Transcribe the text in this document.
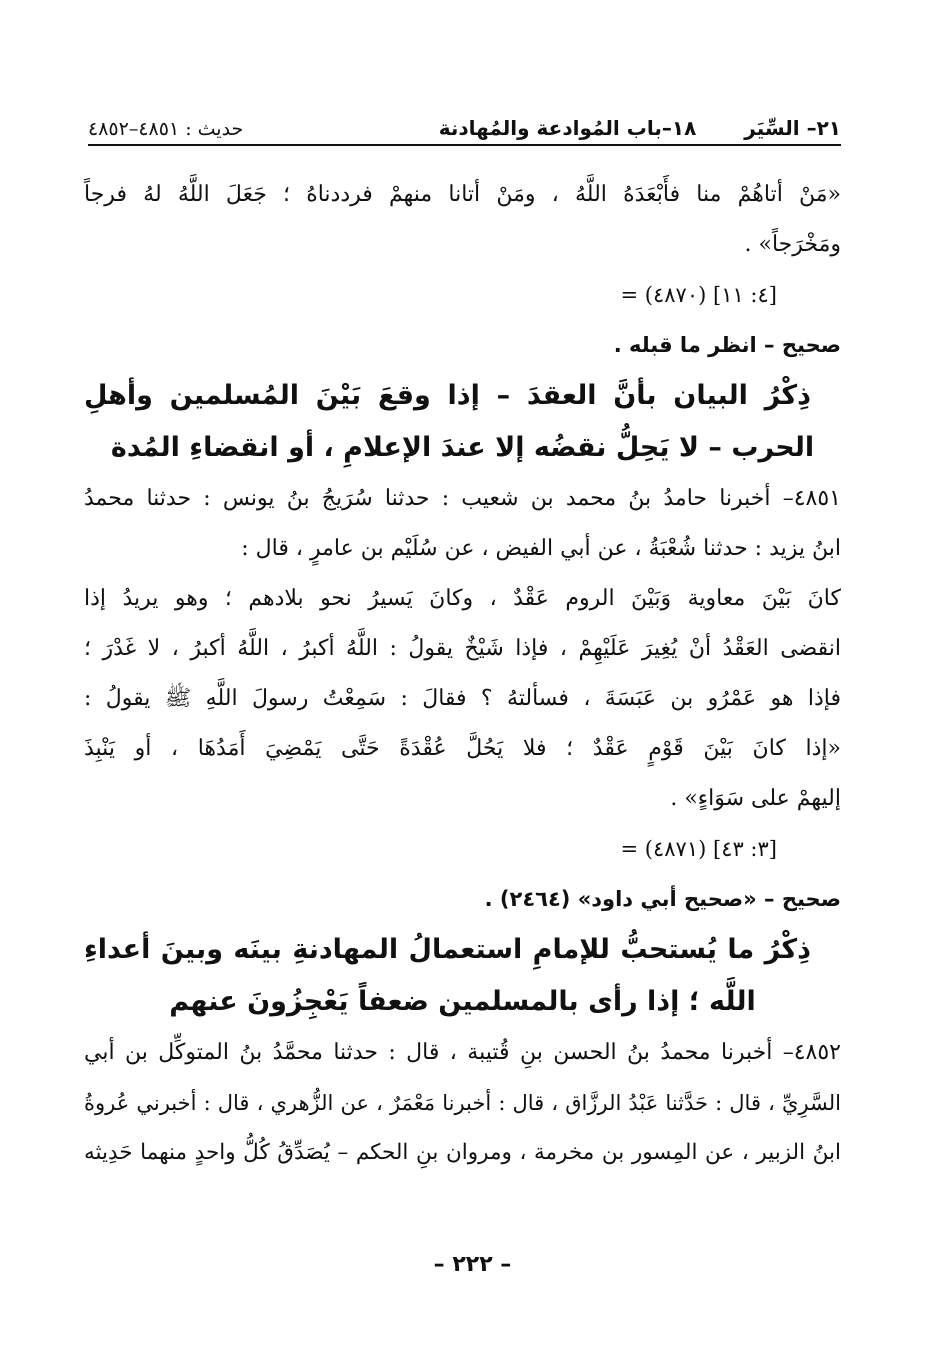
٢١– السِّيَر
١٨–باب المُوادعة والمُهادنة
حديث : ٤٨٥١–٤٨٥٢
«مَنْ أتاهُمْ منا فأَبْعَدَهُ اللَّهُ ، ومَنْ أتانا منهمْ فرددناهُ ؛ جَعَلَ اللَّهُ لهُ فرجاً
ومَخْرَجاً» .
= (٤٨٧٠) [٤: ١١]
صحيح – انظر ما قبله .
ذِكْرُ البيان بأنَّ العقدَ – إذا وقعَ بَيْنَ المُسلمين وأهلِ
الحرب – لا يَحِلُّ نقضُه إلا عندَ الإعلامِ ، أو انقضاءِ المُدة
٤٨٥١– أخبرنا حامدُ بنُ محمد بن شعيب : حدثنا سُرَيجُ بنُ يونس : حدثنا محمدُ
ابنُ يزيد : حدثنا شُعْبَةُ ، عن أبي الفيض ، عن سُلَيْم بن عامرٍ ، قال :
كانَ بَيْنَ معاوية وَبَيْنَ الروم عَقْدٌ ، وكانَ يَسيرُ نحو بلادهم ؛ وهو يريدُ إذا
انقضى العَقْدُ أنْ يُغِيرَ عَلَيْهِمْ ، فإذا شَيْخٌ يقولُ : اللَّهُ أكبرُ ، اللَّهُ أكبرُ ، لا غَدْرَ ؛
فإذا هو عَمْرُو بن عَبَسَةَ ، فسألتهُ ؟ فقالَ : سَمِعْتُ رسولَ اللَّهِ ﷺ يقولُ :
«إذا كانَ بَيْنَ قَوْمٍ عَقْدٌ ؛ فلا يَحُلَّ عُقْدَةً حَتَّى يَمْضِيَ أَمَدُهَا ، أو يَنْبِذَ
إليهمْ على سَوَاءٍ» .
= (٤٨٧١) [٣: ٤٣]
صحيح – «صحيح أبي داود» (٢٤٦٤) .
ذِكْرُ ما يُستحبُّ للإمامِ استعمالُ المهادنةِ بينَه وبينَ أعداءِ
اللَّه ؛ إذا رأى بالمسلمين ضعفاً يَعْجِزُونَ عنهم
٤٨٥٢– أخبرنا محمدُ بنُ الحسن بنِ قُتيبة ، قال : حدثنا محمَّدُ بنُ المتوكِّل بن أبي
السَّرِيِّ ، قال : حَدَّثنا عَبْدُ الرزَّاق ، قال : أخبرنا مَعْمَرٌ ، عن الزُّهري ، قال : أخبرني عُروةُ
ابنُ الزبير ، عن المِسور بن مخرمة ، ومروان بنِ الحكم – يُصَدِّقُ كُلُّ واحدٍ منهما حَدِيثه
– ٢٢٢ –
